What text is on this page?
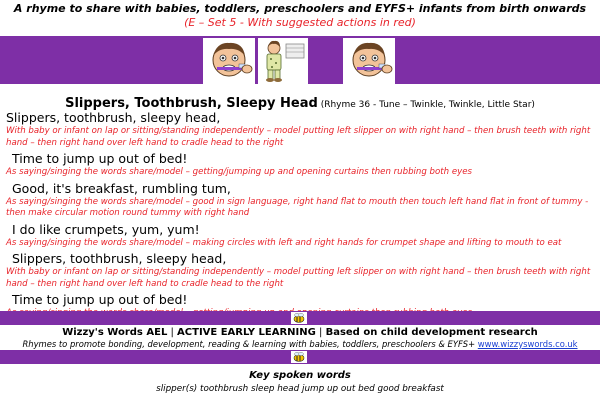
A rhyme to share with babies, toddlers, preschoolers and EYFS+ infants from birth onwards
(E – Set 5 - With suggested actions in red)
Slippers, Toothbrush, Sleepy Head (Rhyme 36 - Tune – Twinkle, Twinkle, Little Star)

Slippers, toothbrush, sleepy head,

With baby or infant on lap or sitting/standing independently – model putting left slipper on with right hand – then brush teeth with right hand – then right hand over left hand to cradle head to the right

Time to jump up out of bed!

As saying/singing the words share/model – getting/jumping up and opening curtains then rubbing both eyes

Good, it's breakfast, rumbling tum,

As saying/singing the words share/model – good in sign language, right hand flat to mouth then touch left hand flat in front of tummy - then make circular motion round tummy with right hand

I do like crumpets, yum, yum!

As saying/singing the words share/model – making circles with left and right hands for crumpet shape and lifting to mouth to eat

Slippers, toothbrush, sleepy head,

With baby or infant on lap or sitting/standing independently – model putting left slipper on with right hand – then brush teeth with right hand – then right hand over left hand to cradle head to the right

Time to jump up out of bed!

Wizzy's Words AEL | ACTIVE EARLY LEARNING | Based on child development research
Rhymes to promote bonding, development, reading & learning with babies, toddlers, preschoolers & EYFS+ www.wizzyswords.co.uk
Key spoken words
slipper(s) toothbrush sleep head jump up out bed good breakfast
